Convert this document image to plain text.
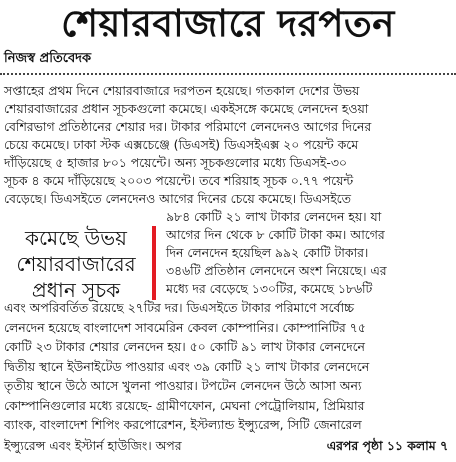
শেয়ারবাজারে দরপতন
নিজস্ব প্রতিবেদক
সপ্তাহের প্রথম দিনে শেয়ারবাজারে দরপতন হয়েছে। গতকাল দেশের উভয়
শেয়ারবাজারের প্রধান সূচকগুলো কমেছে। একইসঙ্গে কমেছে লেনদেন হওয়া
বেশিরভাগ প্রতিষ্ঠানের শেয়ার দর। টাকার পরিমাণে লেনদেনও আগের দিনের
চেয়ে কমেছে। ঢাকা স্টক এক্সচেঞ্জে (ডিএসই) ডিএসইএক্স ২০ পয়েন্ট কমে
দাঁড়িয়েছে ৫ হাজার ৮০১ পয়েন্টে। অন্য সূচকগুলোর মধ্যে ডিএসই-৩০
সূচক ৪ কমে দাঁড়িয়েছে ২০০৩ পয়েন্টে। তবে শরিয়াহ সূচক ০.৭৭ পয়েন্ট
বেড়েছে। ডিএসইতে লেনদেনও আগের দিনের চেয়ে কমেছে। ডিএসইতে
কমেছে উভয়
শেয়ারবাজারের
প্রধান সূচক
৯৮৪ কোটি ২১ লাখ টাকার লেনদেন হয়। যা
আগের দিন থেকে ৮ কোটি টাকা কম। আগের
দিন লেনদেন হয়েছিল ৯৯২ কোটি টাকার।
৩৪৬টি প্রতিষ্ঠান লেনদেনে অংশ নিয়েছে। এর
মধ্যে দর বেড়েছে ১৩০টির, কমেছে ১৮৬টি
এবং অপরিবর্তিত রয়েছে ২৭টির দর। ডিএসইতে টাকার পরিমাণে সর্বোচ্চ
লেনদেন হয়েছে বাংলাদেশ সাবমেরিন কেবল কোম্পানির। কোম্পানিটির ৭৫
কোটি ২৩ টাকার শেয়ার লেনদেন হয়। ৫০ কোটি ৯১ লাখ টাকার লেনদেনে
দ্বিতীয় স্থানে ইউনাইটেড পাওয়ার এবং ৩৯ কোটি ২১ লাখ টাকার লেনদেনে
তৃতীয় স্থানে উঠে আসে খুলনা পাওয়ার। টপটেন লেনদেন উঠে আসা অন্য
কোম্পানিগুলোর মধ্যে রয়েছে- গ্রামীণফোন, মেঘনা পেট্রোলিয়াম, প্রিমিয়ার
ব্যাংক, বাংলাদেশ শিপিং করপোরেশন, ইস্টল্যান্ড ইন্স্যুরেন্স, সিটি জেনারেল
ইন্স্যুরেন্স এবং ইস্টার্ন হাউজিং। অপর	এরপর পৃষ্ঠা ১১ কলাম ৭
